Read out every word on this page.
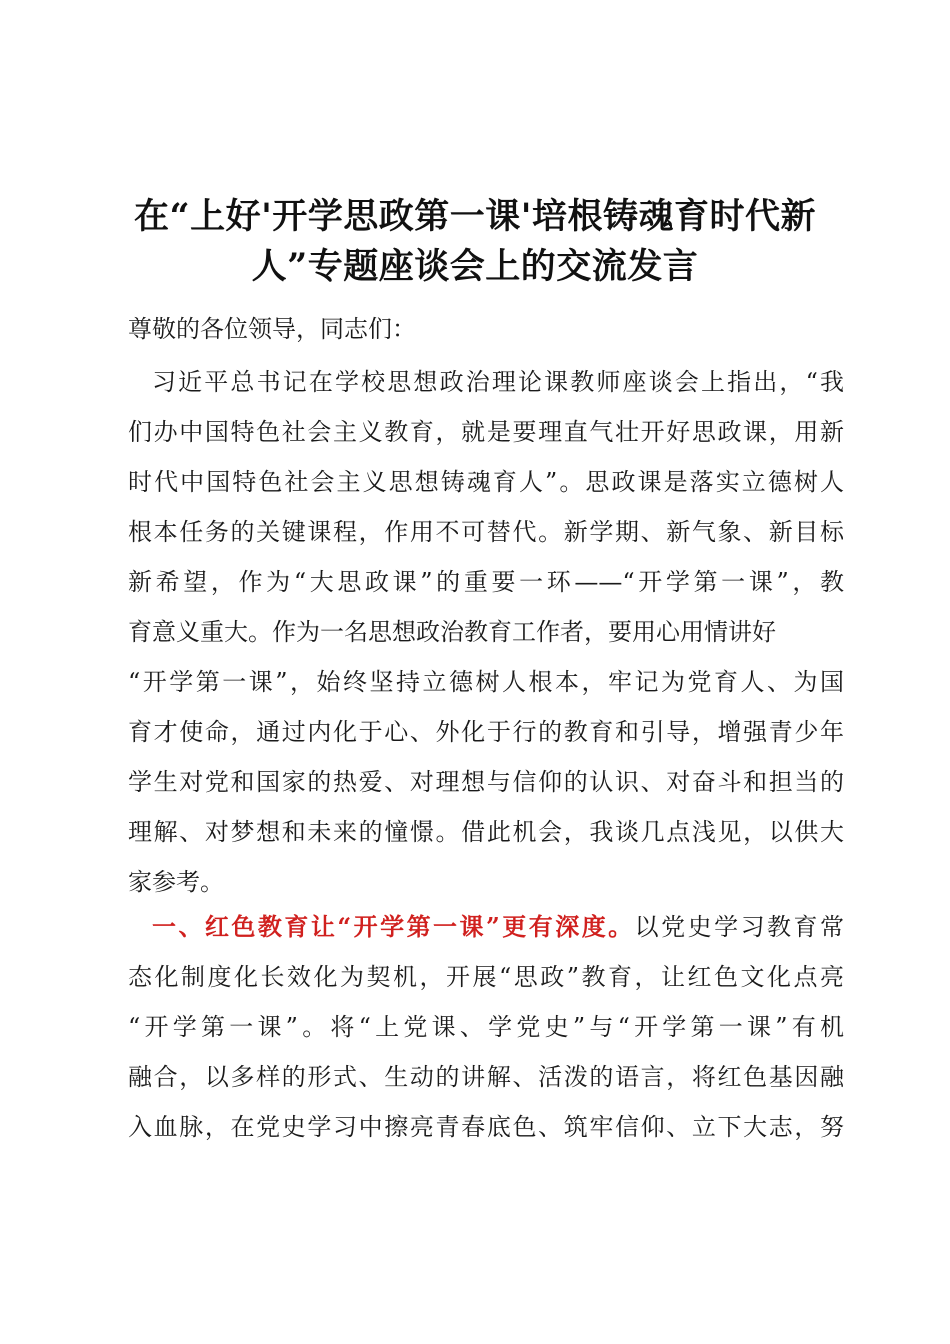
在“上好'开学思政第一课'培根铸魂育时代新
人”专题座谈会上的交流发言
尊敬的各位领导，同志们：
习近平总书记在学校思想政治理论课教师座谈会上指出，“我
们办中国特色社会主义教育，就是要理直气壮开好思政课，用新
时代中国特色社会主义思想铸魂育人”。思政课是落实立德树人
根本任务的关键课程，作用不可替代。新学期、新气象、新目标
新希望，作为“大思政课”的重要一环——“开学第一课”，教
育意义重大。作为一名思想政治教育工作者，要用心用情讲好
“开学第一课”，始终坚持立德树人根本，牢记为党育人、为国
育才使命，通过内化于心、外化于行的教育和引导，增强青少年
学生对党和国家的热爱、对理想与信仰的认识、对奋斗和担当的
理解、对梦想和未来的憧憬。借此机会，我谈几点浅见，以供大
家参考。
一、红色教育让“开学第一课”更有深度。以党史学习教育常
态化制度化长效化为契机，开展“思政”教育，让红色文化点亮
“开学第一课”。将“上党课、学党史”与“开学第一课”有机
融合，以多样的形式、生动的讲解、活泼的语言，将红色基因融
入血脉，在党史学习中擦亮青春底色、筑牢信仰、立下大志，努
